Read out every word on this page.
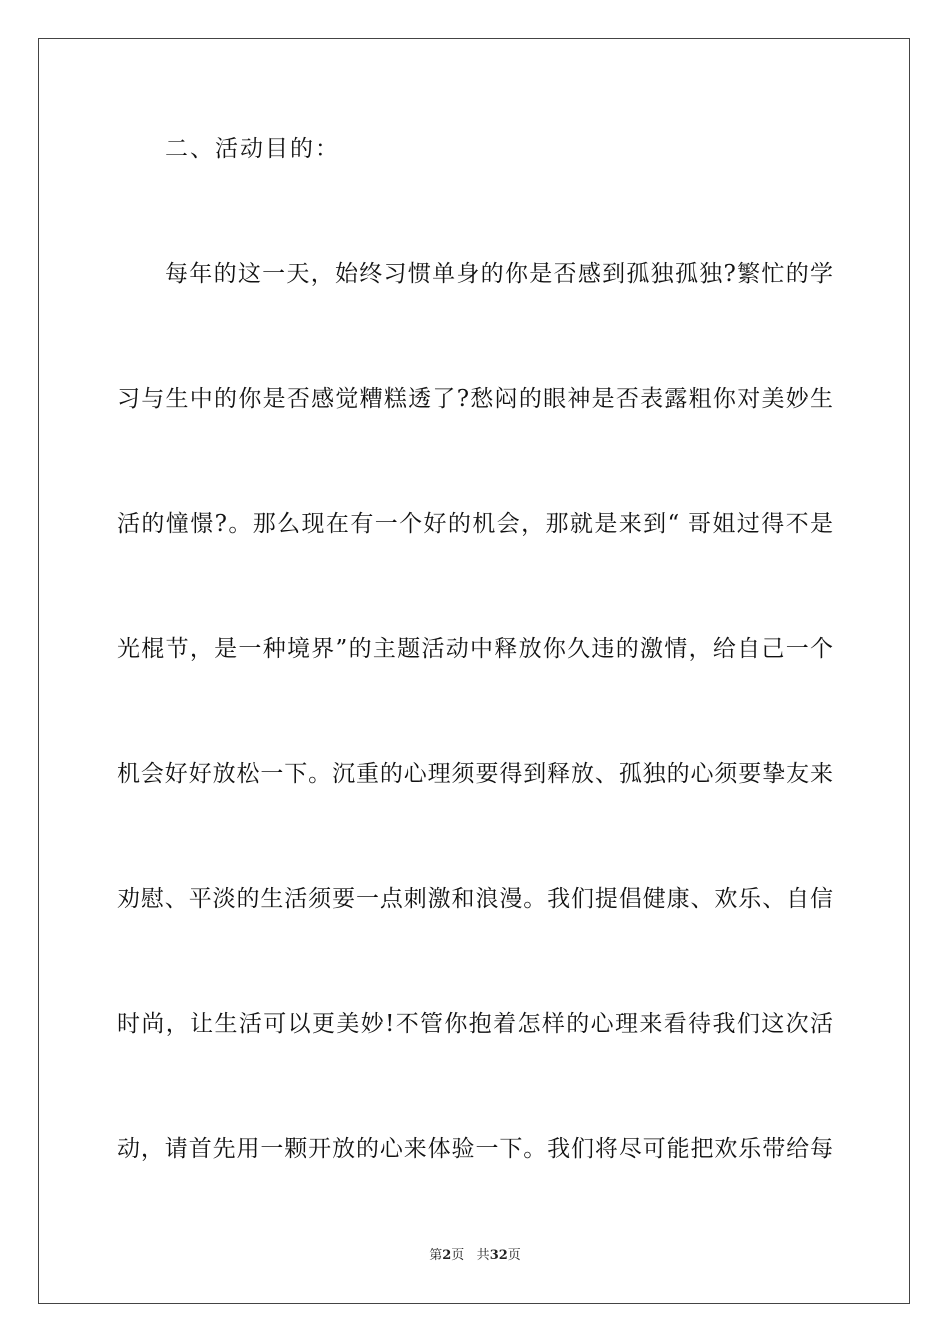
二、活动目的：
每年的这一天，始终习惯单身的你是否感到孤独孤独?繁忙的学
习与生中的你是否感觉糟糕透了?愁闷的眼神是否表露粗你对美妙生
活的憧憬?。那么现在有一个好的机会，那就是来到“ 哥姐过得不是
光棍节，是一种境界”的主题活动中释放你久违的激情，给自己一个
机会好好放松一下。沉重的心理须要得到释放、孤独的心须要挚友来
劝慰、平淡的生活须要一点刺激和浪漫。我们提倡健康、欢乐、自信
时尚，让生活可以更美妙!不管你抱着怎样的心理来看待我们这次活
动，请首先用一颗开放的心来体验一下。我们将尽可能把欢乐带给每
第2页 共32页
